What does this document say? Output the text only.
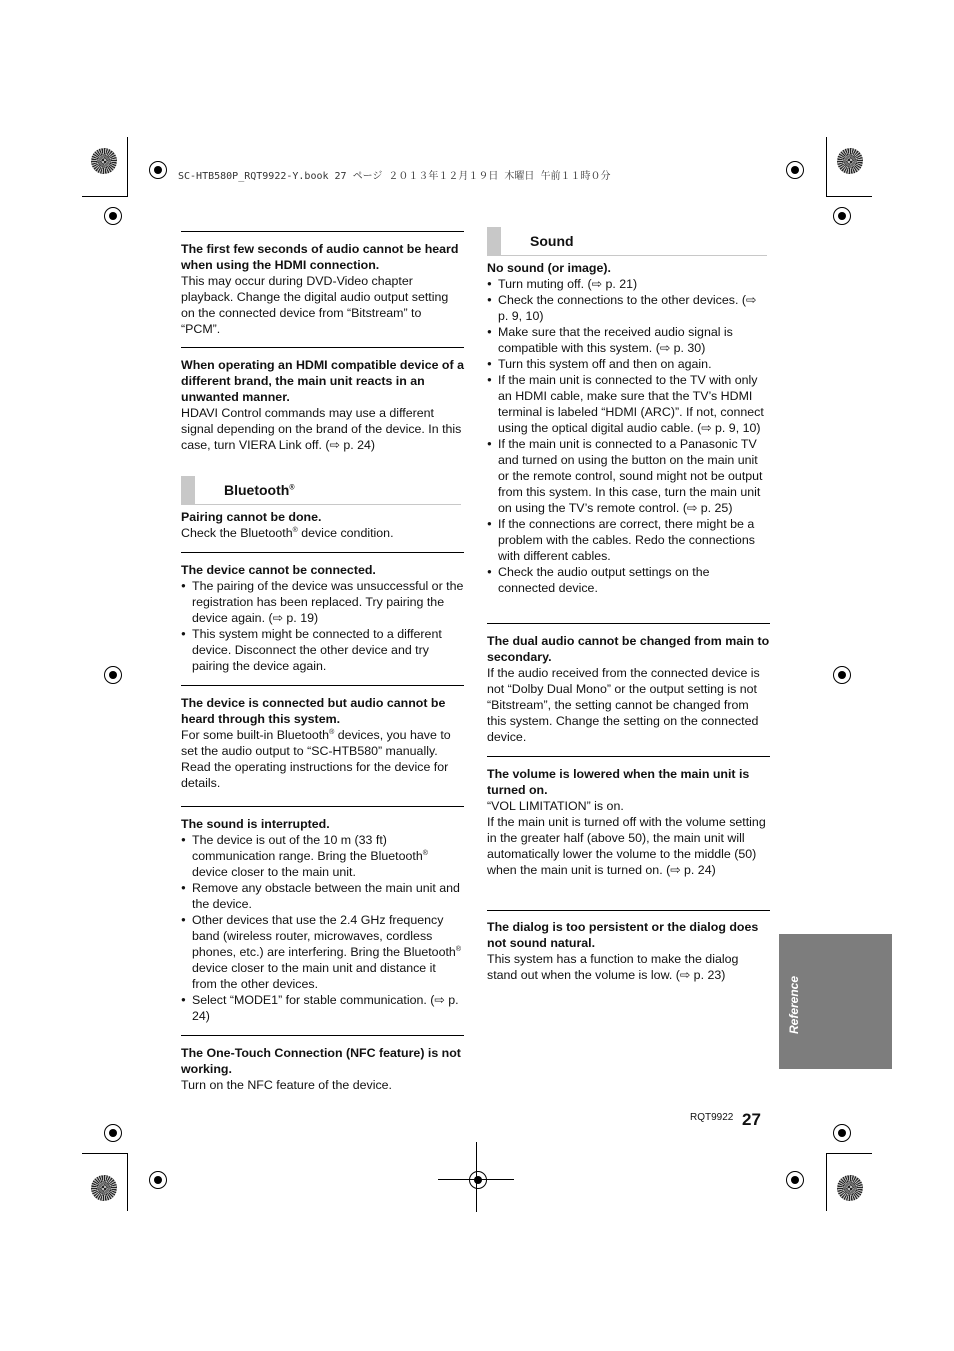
SC-HTB580P_RQT9922-Y.book 27 ページ ２０１３年１２月１９日 木曜日 午前１１時０分

The first few seconds of audio cannot be heard when using the HDMI connection.

This may occur during DVD-Video chapter playback. Change the digital audio output setting on the connected device from “Bitstream” to “PCM”.

When operating an HDMI compatible device of a different brand, the main unit reacts in an unwanted manner.

HDAVI Control commands may use a different signal depending on the brand of the device. In this case, turn VIERA Link off. (⇨ p. 24)

Bluetooth®

Pairing cannot be done.

Check the Bluetooth® device condition.

The device cannot be connected.

● The pairing of the device was unsuccessful or the registration has been replaced. Try pairing the device again. (⇨ p. 19)
● This system might be connected to a different device. Disconnect the other device and try pairing the device again.

The device is connected but audio cannot be heard through this system.

For some built-in Bluetooth® devices, you have to set the audio output to “SC-HTB580” manually. Read the operating instructions for the device for details.

The sound is interrupted.

● The device is out of the 10 m (33 ft) communication range. Bring the Bluetooth® device closer to the main unit.
● Remove any obstacle between the main unit and the device.
● Other devices that use the 2.4 GHz frequency band (wireless router, microwaves, cordless phones, etc.) are interfering. Bring the Bluetooth® device closer to the main unit and distance it from the other devices.
● Select “MODE1” for stable communication. (⇨ p. 24)

The One-Touch Connection (NFC feature) is not working.

Turn on the NFC feature of the device.

Sound

No sound (or image).

● Turn muting off. (⇨ p. 21)
● Check the connections to the other devices. (⇨ p. 9, 10)
● Make sure that the received audio signal is compatible with this system. (⇨ p. 30)
● Turn this system off and then on again.
● If the main unit is connected to the TV with only an HDMI cable, make sure that the TV’s HDMI terminal is labeled “HDMI (ARC)”. If not, connect using the optical digital audio cable. (⇨ p. 9, 10)
● If the main unit is connected to a Panasonic TV and turned on using the button on the main unit or the remote control, sound might not be output from this system. In this case, turn the main unit on using the TV’s remote control. (⇨ p. 25)
● If the connections are correct, there might be a problem with the cables. Redo the connections with different cables.
● Check the audio output settings on the connected device.

The dual audio cannot be changed from main to secondary.

If the audio received from the connected device is not “Dolby Dual Mono” or the output setting is not “Bitstream”, the setting cannot be changed from this system. Change the setting on the connected device.

The volume is lowered when the main unit is turned on.

“VOL LIMITATION” is on.

If the main unit is turned off with the volume setting in the greater half (above 50), the main unit will automatically lower the volume to the middle (50) when the main unit is turned on. (⇨ p. 24)

The dialog is too persistent or the dialog does not sound natural.

This system has a function to make the dialog stand out when the volume is low. (⇨ p. 23)

Reference
RQT9922 27
